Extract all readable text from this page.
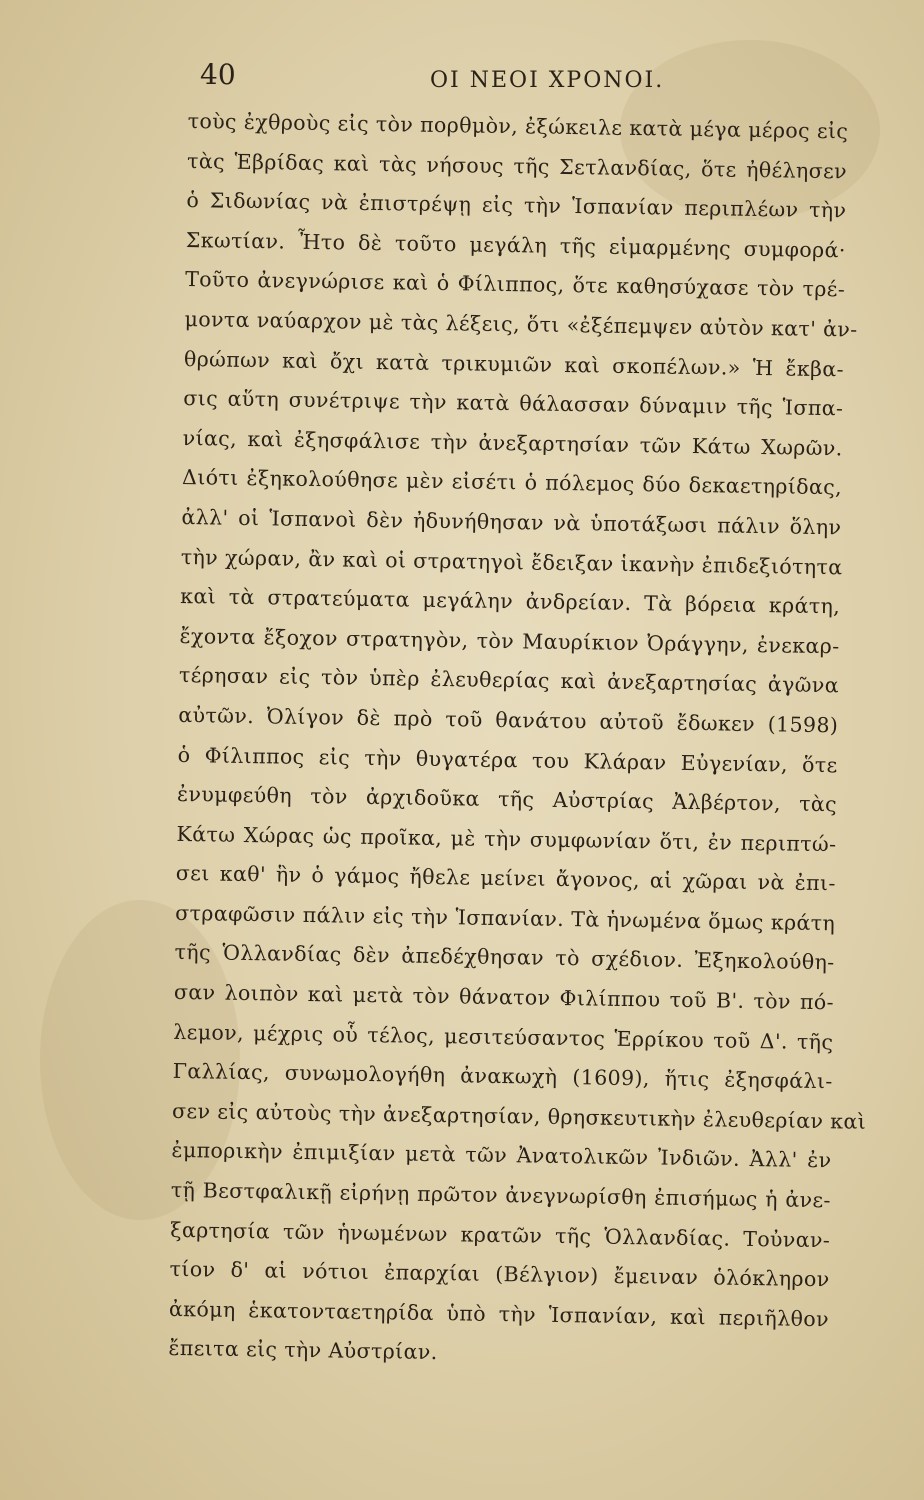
40	ΟΙ ΝΕΟΙ ΧΡΟΝΟΙ.
τοὺς ἐχθροὺς εἰς τὸν πορθμὸν, ἐξώκειλε κατὰ μέγα μέρος εἰς
τὰς Ἑβρίδας καὶ τὰς νήσους τῆς Σετλανδίας, ὅτε ἠθέλησεν
ὁ Σιδωνίας νὰ ἐπιστρέψῃ εἰς τὴν Ἱσπανίαν περιπλέων τὴν
Σκωτίαν. Ἦτο δὲ τοῦτο μεγάλη τῆς εἱμαρμένης συμφορά·
Τοῦτο ἀνεγνώρισε καὶ ὁ Φίλιππος, ὅτε καθησύχασε τὸν τρέ-
μοντα ναύαρχον μὲ τὰς λέξεις, ὅτι «ἐξέπεμψεν αὐτὸν κατ' ἀν-
θρώπων καὶ ὄχι κατὰ τρικυμιῶν καὶ σκοπέλων.» Ἡ ἔκβα-
σις αὕτη συνέτριψε τὴν κατὰ θάλασσαν δύναμιν τῆς Ἱσπα-
νίας, καὶ ἐξησφάλισε τὴν ἀνεξαρτησίαν τῶν Κάτω Χωρῶν.
Διότι ἐξηκολούθησε μὲν εἰσέτι ὁ πόλεμος δύο δεκαετηρίδας,
ἀλλ' οἱ Ἱσπανοὶ δὲν ἠδυνήθησαν νὰ ὑποτάξωσι πάλιν ὅλην
τὴν χώραν, ἂν καὶ οἱ στρατηγοὶ ἔδειξαν ἱκανὴν ἐπιδεξιότητα
καὶ τὰ στρατεύματα μεγάλην ἀνδρείαν. Τὰ βόρεια κράτη,
ἔχοντα ἔξοχον στρατηγὸν, τὸν Μαυρίκιον Ὀράγγην, ἐνεκαρ-
τέρησαν εἰς τὸν ὑπὲρ ἐλευθερίας καὶ ἀνεξαρτησίας ἀγῶνα
αὐτῶν. Ὀλίγον δὲ πρὸ τοῦ θανάτου αὐτοῦ ἔδωκεν (1598)
ὁ Φίλιππος εἰς τὴν θυγατέρα του Κλάραν Εὐγενίαν, ὅτε
ἐνυμφεύθη τὸν ἀρχιδοῦκα τῆς Αὐστρίας Ἀλβέρτον, τὰς
Κάτω Χώρας ὡς προῖκα, μὲ τὴν συμφωνίαν ὅτι, ἐν περιπτώ-
σει καθ' ἣν ὁ γάμος ἤθελε μείνει ἄγονος, αἱ χῶραι νὰ ἐπι-
στραφῶσιν πάλιν εἰς τὴν Ἱσπανίαν. Τὰ ἡνωμένα ὅμως κράτη
τῆς Ὁλλανδίας δὲν ἀπεδέχθησαν τὸ σχέδιον. Ἐξηκολούθη-
σαν λοιπὸν καὶ μετὰ τὸν θάνατον Φιλίππου τοῦ Β'. τὸν πό-
λεμον, μέχρις οὗ τέλος, μεσιτεύσαντος Ἑρρίκου τοῦ Δ'. τῆς
Γαλλίας, συνωμολογήθη ἀνακωχὴ (1609), ἥτις ἐξησφάλι-
σεν εἰς αὐτοὺς τὴν ἀνεξαρτησίαν, θρησκευτικὴν ἐλευθερίαν καὶ
ἐμπορικὴν ἐπιμιξίαν μετὰ τῶν Ἀνατολικῶν Ἰνδιῶν. Ἀλλ' ἐν
τῇ Βεστφαλικῇ εἰρήνῃ πρῶτον ἀνεγνωρίσθη ἐπισήμως ἡ ἀνε-
ξαρτησία τῶν ἡνωμένων κρατῶν τῆς Ὁλλανδίας. Τοὐναν-
τίον δ' αἱ νότιοι ἐπαρχίαι (Βέλγιον) ἔμειναν ὁλόκληρον
ἀκόμη ἑκατονταετηρίδα ὑπὸ τὴν Ἱσπανίαν, καὶ περιῆλθον
ἔπειτα εἰς τὴν Αὐστρίαν.
